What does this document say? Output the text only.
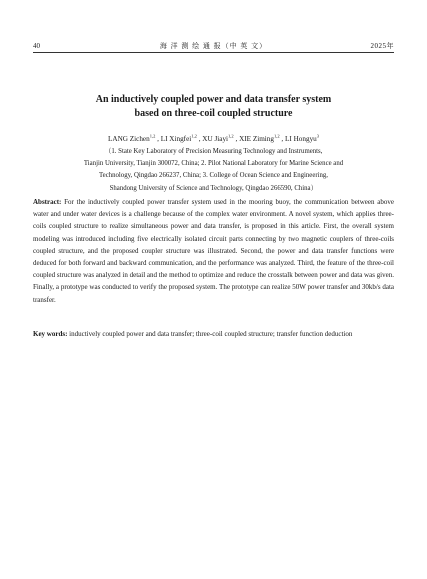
40	海 洋 测 绘 通 报（中 英 文）	2025年
An inductively coupled power and data transfer system
based on three-coil coupled structure
LANG Zichen$^{1,2}$ , LI Xingfei$^{1,2}$ , XU Jiayi$^{1,2}$ , XIE Ziming$^{1,2}$ , LI Hongyu$^3$
（1. State Key Laboratory of Precision Measuring Technology and Instruments,
Tianjin University, Tianjin 300072, China; 2. Pilot National Laboratory for Marine Science and
Technology, Qingdao 266237, China; 3. College of Ocean Science and Engineering,
Shandong University of Science and Technology, Qingdao 266590, China）
Abstract: For the inductively coupled power transfer system used in the mooring buoy, the communication between above water and under water devices is a challenge because of the complex water environment. A novel system, which applies three-coils coupled structure to realize simultaneous power and data transfer, is proposed in this article. First, the overall system modeling was introduced including five electrically isolated circuit parts connecting by two magnetic couplers of three-coils coupled structure, and the proposed coupler structure was illustrated. Second, the power and data transfer functions were deduced for both forward and backward communication, and the performance was analyzed. Third, the feature of the three-coil coupled structure was analyzed in detail and the method to optimize and reduce the crosstalk between power and data was given. Finally, a prototype was conducted to verify the proposed system. The prototype can realize 50W power transfer and 30kb/s data transfer.
Key words: inductively coupled power and data transfer; three-coil coupled structure; transfer function deduction
